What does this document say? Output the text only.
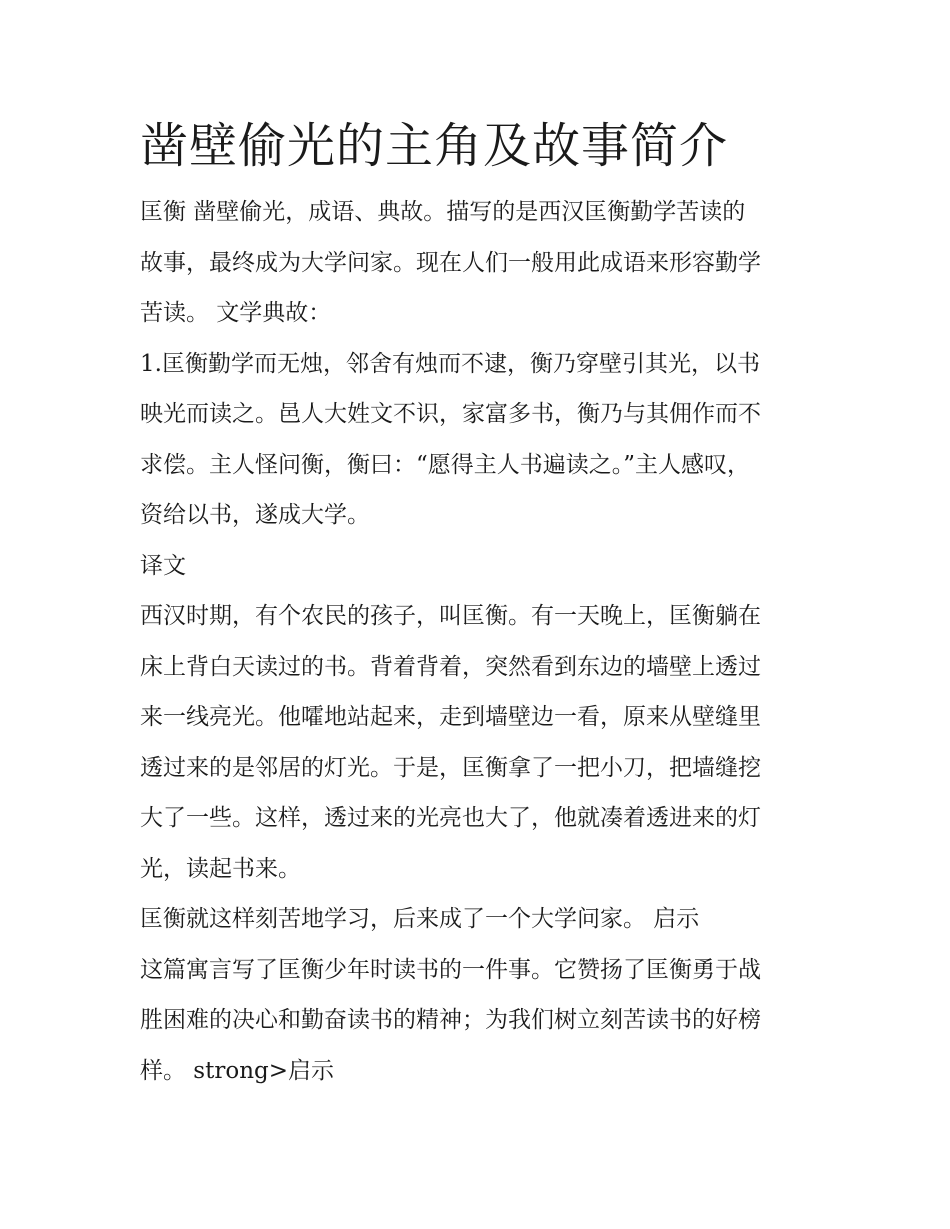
凿壁偷光的主角及故事简介
匡衡 凿壁偷光，成语、典故。描写的是西汉匡衡勤学苦读的
故事，最终成为大学问家。现在人们一般用此成语来形容勤学
苦读。 文学典故：
1.匡衡勤学而无烛，邻舍有烛而不逮，衡乃穿壁引其光，以书
映光而读之。邑人大姓文不识，家富多书，衡乃与其佣作而不
求偿。主人怪问衡，衡曰：“愿得主人书遍读之。”主人感叹，
资给以书，遂成大学。
译文
西汉时期，有个农民的孩子，叫匡衡。有一天晚上，匡衡躺在
床上背白天读过的书。背着背着，突然看到东边的墙壁上透过
来一线亮光。他嚯地站起来，走到墙壁边一看，原来从壁缝里
透过来的是邻居的灯光。于是，匡衡拿了一把小刀，把墙缝挖
大了一些。这样，透过来的光亮也大了，他就凑着透进来的灯
光，读起书来。
匡衡就这样刻苦地学习，后来成了一个大学问家。 启示
这篇寓言写了匡衡少年时读书的一件事。它赞扬了匡衡勇于战
胜困难的决心和勤奋读书的精神；为我们树立刻苦读书的好榜
样。 strong>启示
